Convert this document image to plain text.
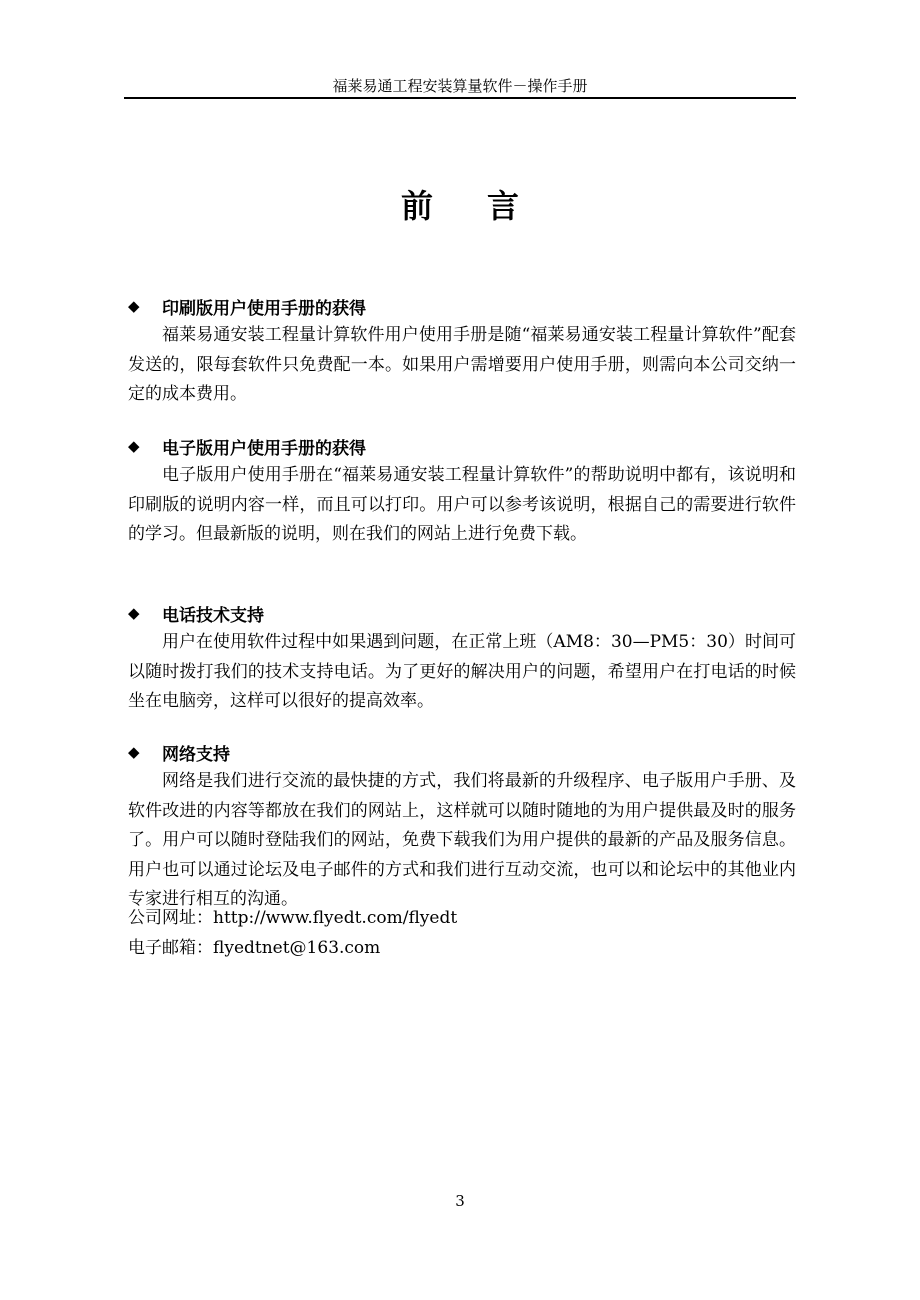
福莱易通工程安装算量软件－操作手册
前言
◆	印刷版用户使用手册的获得

福莱易通安装工程量计算软件用户使用手册是随“福莱易通安装工程量计算软件”配套发送的，限每套软件只免费配一本。如果用户需增要用户使用手册，则需向本公司交纳一定的成本费用。

◆	电子版用户使用手册的获得

电子版用户使用手册在“福莱易通安装工程量计算软件”的帮助说明中都有，该说明和印刷版的说明内容一样，而且可以打印。用户可以参考该说明，根据自己的需要进行软件的学习。但最新版的说明，则在我们的网站上进行免费下载。

◆	电话技术支持

用户在使用软件过程中如果遇到问题，在正常上班（AM8：30—PM5：30）时间可以随时拨打我们的技术支持电话。为了更好的解决用户的问题，希望用户在打电话的时候坐在电脑旁，这样可以很好的提高效率。

◆	网络支持

网络是我们进行交流的最快捷的方式，我们将最新的升级程序、电子版用户手册、及软件改进的内容等都放在我们的网站上，这样就可以随时随地的为用户提供最及时的服务了。用户可以随时登陆我们的网站，免费下载我们为用户提供的最新的产品及服务信息。用户也可以通过论坛及电子邮件的方式和我们进行互动交流，也可以和论坛中的其他业内专家进行相互的沟通。

公司网址：http://www.flyedt.com/flyedt

电子邮箱：flyedtnet@163.com

3
